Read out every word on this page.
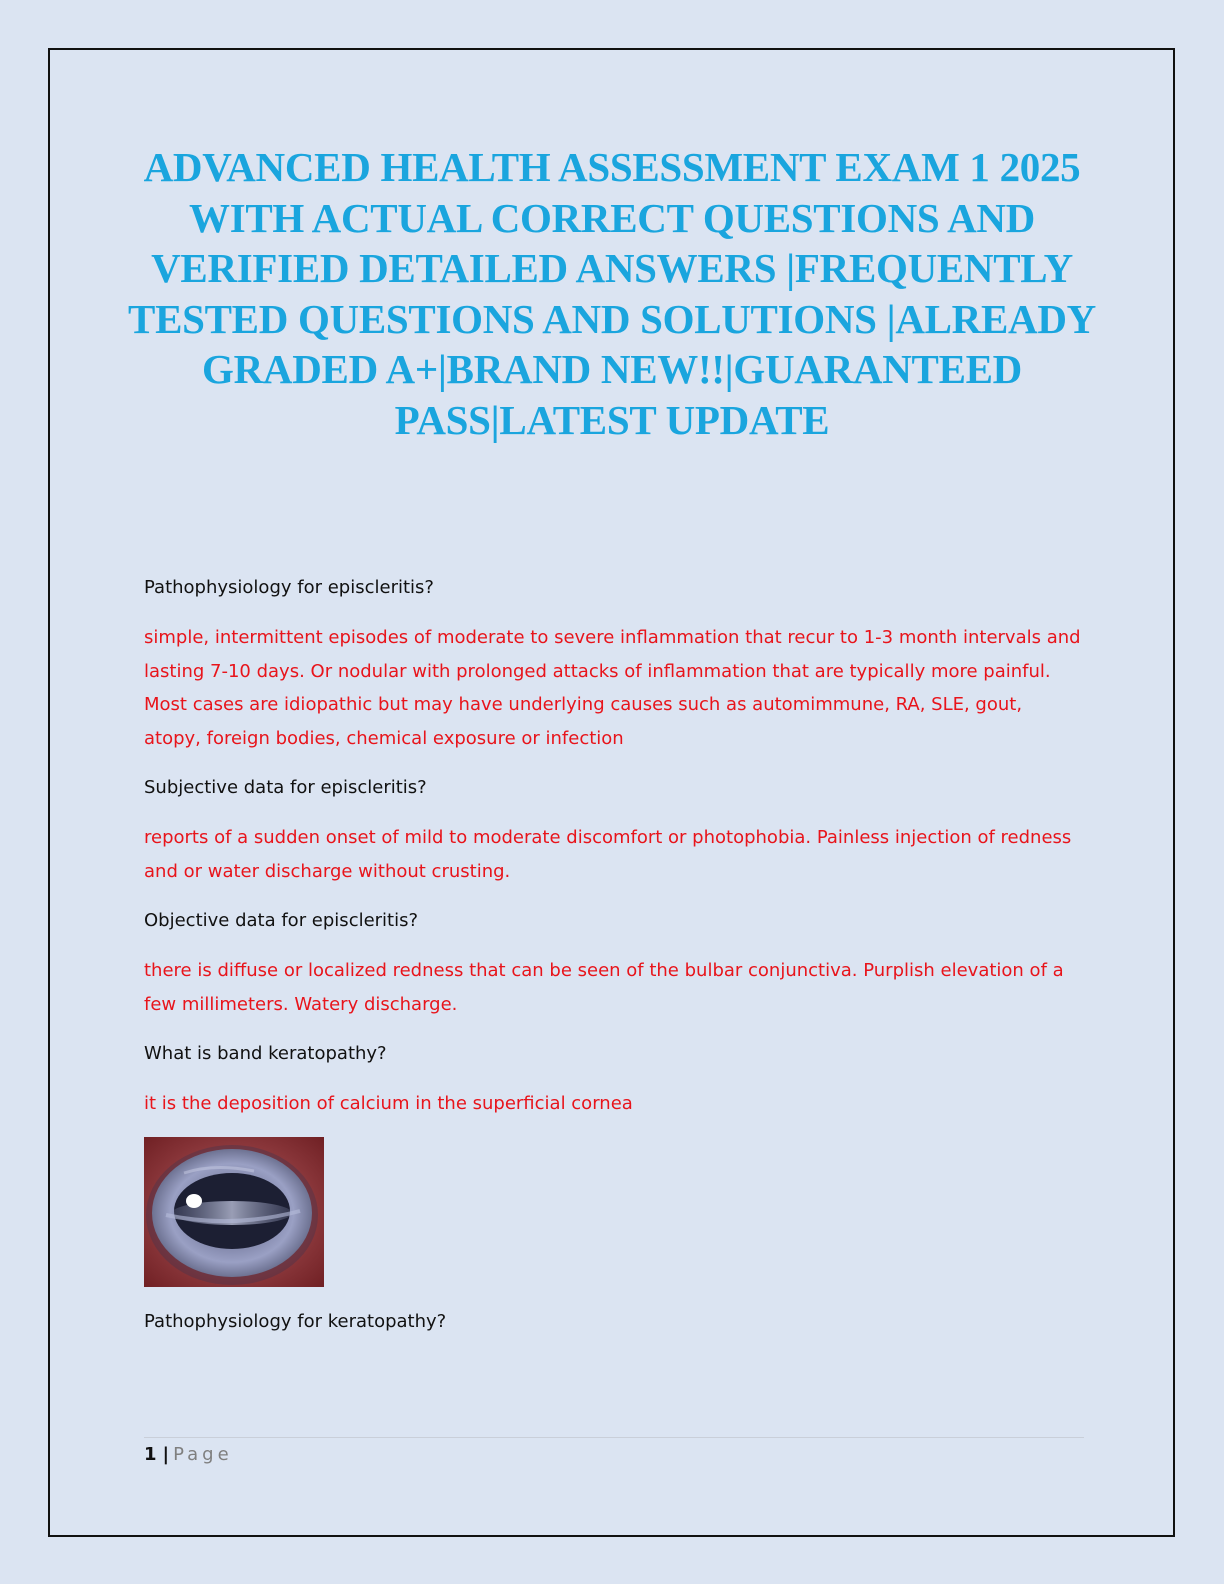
ADVANCED HEALTH ASSESSMENT EXAM 1 2025 WITH ACTUAL CORRECT QUESTIONS AND VERIFIED DETAILED ANSWERS |FREQUENTLY TESTED QUESTIONS AND SOLUTIONS |ALREADY GRADED A+|BRAND NEW!!|GUARANTEED PASS|LATEST UPDATE

Pathophysiology for episcleritis?

simple, intermittent episodes of moderate to severe inflammation that recur to 1-3 month intervals and lasting 7-10 days. Or nodular with prolonged attacks of inflammation that are typically more painful. Most cases are idiopathic but may have underlying causes such as automimmune, RA, SLE, gout, atopy, foreign bodies, chemical exposure or infection

Subjective data for episcleritis?

reports of a sudden onset of mild to moderate discomfort or photophobia. Painless injection of redness and or water discharge without crusting.

Objective data for episcleritis?

there is diffuse or localized redness that can be seen of the bulbar conjunctiva. Purplish elevation of a few millimeters. Watery discharge.

What is band keratopathy?

it is the deposition of calcium in the superficial cornea

Pathophysiology for keratopathy?

1 | Page
